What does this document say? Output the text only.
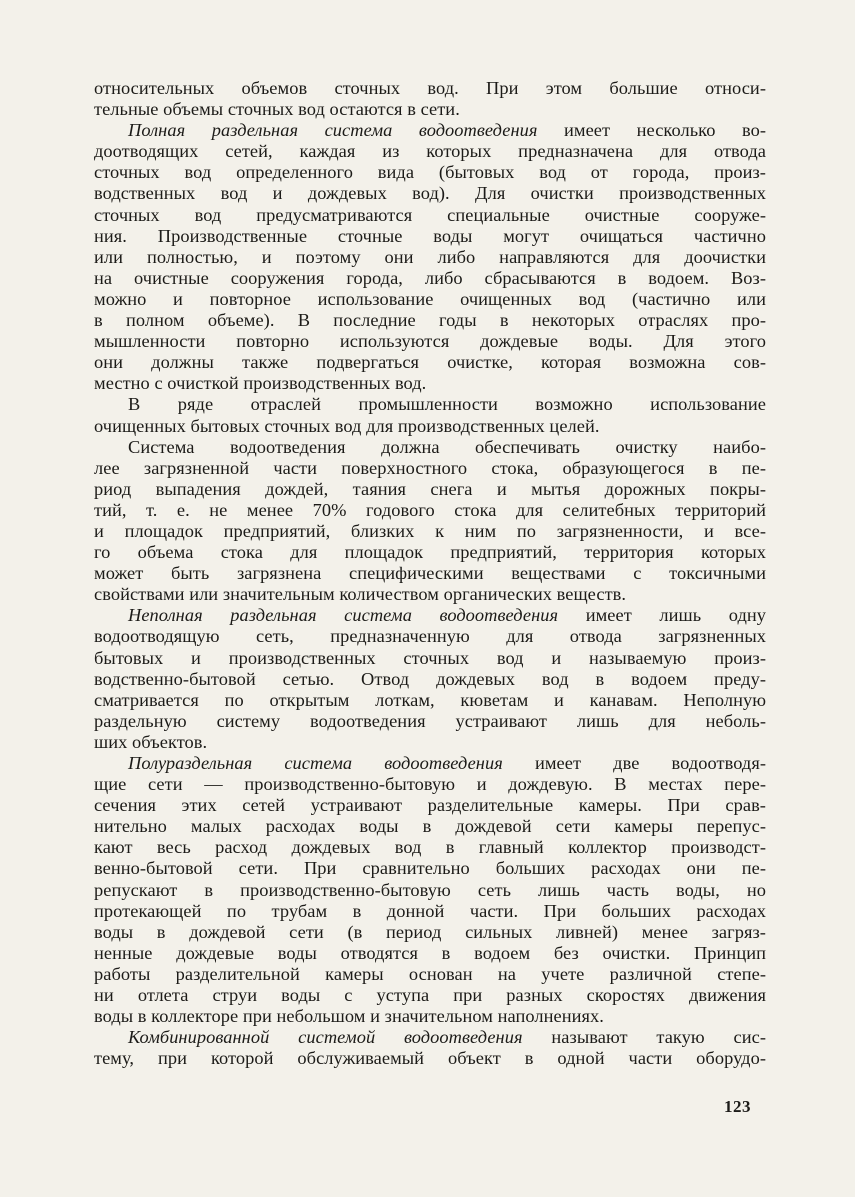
относительных объемов сточных вод. При этом большие относи-
тельные объемы сточных вод остаются в сети.
Полная раздельная система водоотведения имеет несколько во-
доотводящих сетей, каждая из которых предназначена для отвода
сточных вод определенного вида (бытовых вод от города, произ-
водственных вод и дождевых вод). Для очистки производственных
сточных вод предусматриваются специальные очистные сооруже-
ния. Производственные сточные воды могут очищаться частично
или полностью, и поэтому они либо направляются для доочистки
на очистные сооружения города, либо сбрасываются в водоем. Воз-
можно и повторное использование очищенных вод (частично или
в полном объеме). В последние годы в некоторых отраслях про-
мышленности повторно используются дождевые воды. Для этого
они должны также подвергаться очистке, которая возможна сов-
местно с очисткой производственных вод.
В ряде отраслей промышленности возможно использование
очищенных бытовых сточных вод для производственных целей.
Система водоотведения должна обеспечивать очистку наибо-
лее загрязненной части поверхностного стока, образующегося в пе-
риод выпадения дождей, таяния снега и мытья дорожных покры-
тий, т. е. не менее 70% годового стока для селитебных территорий
и площадок предприятий, близких к ним по загрязненности, и все-
го объема стока для площадок предприятий, территория которых
может быть загрязнена специфическими веществами с токсичными
свойствами или значительным количеством органических веществ.
Неполная раздельная система водоотведения имеет лишь одну
водоотводящую сеть, предназначенную для отвода загрязненных
бытовых и производственных сточных вод и называемую произ-
водственно-бытовой сетью. Отвод дождевых вод в водоем преду-
сматривается по открытым лоткам, кюветам и канавам. Неполную
раздельную систему водоотведения устраивают лишь для неболь-
ших объектов.
Полураздельная система водоотведения имеет две водоотводя-
щие сети — производственно-бытовую и дождевую. В местах пере-
сечения этих сетей устраивают разделительные камеры. При срав-
нительно малых расходах воды в дождевой сети камеры перепус-
кают весь расход дождевых вод в главный коллектор производст-
венно-бытовой сети. При сравнительно больших расходах они пе-
репускают в производственно-бытовую сеть лишь часть воды, но
протекающей по трубам в донной части. При больших расходах
воды в дождевой сети (в период сильных ливней) менее загряз-
ненные дождевые воды отводятся в водоем без очистки. Принцип
работы разделительной камеры основан на учете различной степе-
ни отлета струи воды с уступа при разных скоростях движения
воды в коллекторе при небольшом и значительном наполнениях.
Комбинированной системой водоотведения называют такую сис-
тему, при которой обслуживаемый объект в одной части оборудо-
123
